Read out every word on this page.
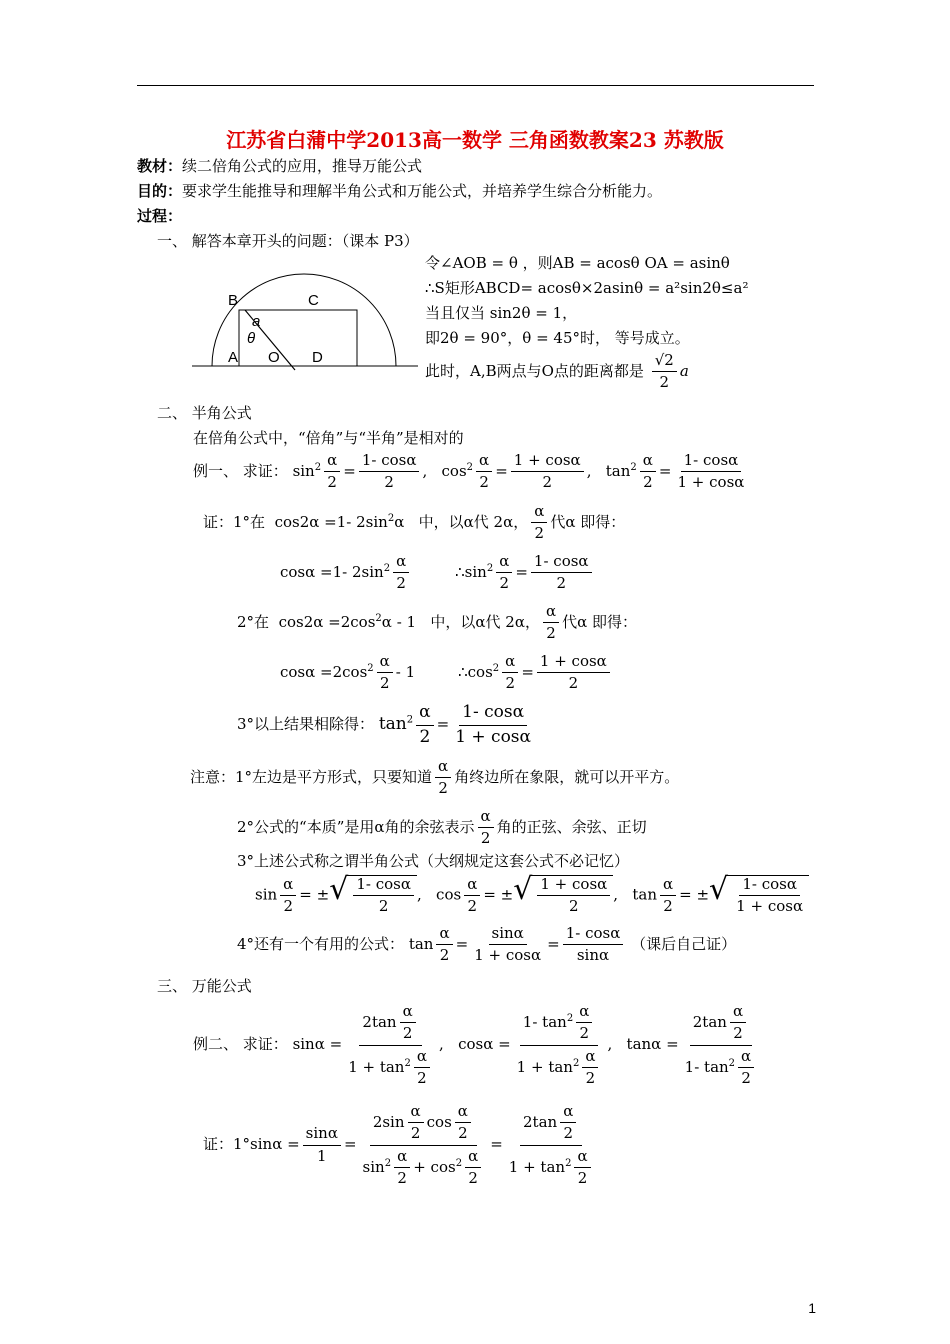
江苏省白蒲中学2013高一数学 三角函数教案23 苏教版
教材：续二倍角公式的应用，推导万能公式
目的：要求学生能推导和理解半角公式和万能公式，并培养学生综合分析能力。
过程：
一、 解答本章开头的问题：（课本 P3）
B	C
A O D
a
θ
令∠AOB = θ ，则AB = acosθ OA = asinθ
∴S矩形ABCD= acosθ×2asinθ = a²sin2θ≤a²
当且仅当 sin2θ = 1，
即2θ = 90°，θ = 45°时， 等号成立。
此时，A,B两点与O点的距离都是 $\frac{√2}{2}$ a
二、 半角公式
在倍角公式中，“倍角”与“半角”是相对的
例一、 求证： $\sin^2 \frac{\alpha}{2} = \frac{1- \cos\alpha}{2}$ ,   $\cos^2 \frac{\alpha}{2} = \frac{1 + \cos\alpha}{2}$ ,   $\tan^2 \frac{\alpha}{2} = \frac{1- \cos\alpha}{1 + \cos\alpha}$
证：1°在  cos2α =1- $2\sin^2\alpha$   中，以α代 2α， $\frac{\alpha}{2}$ 代α 即得：
cosα =1- $2\sin^2 \frac{\alpha}{2}$ $\therefore\sin^2 \frac{\alpha}{2} = \frac{1- \cos\alpha}{2}$
2°在  $\cos 2\alpha =2\cos^2\alpha - 1$   中，以α代 2α， $\frac{\alpha}{2}$ 代α 即得：
$\cos\alpha =2\cos^2 \frac{\alpha}{2} - 1$         $\therefore\cos^2 \frac{\alpha}{2} = \frac{1 + \cos\alpha}{2}$
3°以上结果相除得： $\tan^2 \frac{\alpha}{2} = \frac{1- \cos\alpha}{1 + \cos\alpha}$
注意：1°左边是平方形式，只要知道 $\frac{\alpha}{2}$ 角终边所在象限，就可以开平方。
2°公式的“本质”是用α角的余弦表示 $\frac{\alpha}{2}$ 角的正弦、余弦、正切
3°上述公式称之谓半角公式（大纲规定这套公式不必记忆）
$\sin \frac{\alpha}{2}$ = ± √ $\frac{1- \cos\alpha}{2}$ ,   $\cos \frac{\alpha}{2}$ = ± √ $\frac{1 + \cos\alpha}{2}$ ,   $\tan \frac{\alpha}{2}$ = ± √ $\frac{1- \cos\alpha}{1 + \cos\alpha}$
4°还有一个有用的公式： $\tan \frac{\alpha}{2} = \frac{\sin\alpha}{1 + \cos\alpha} = \frac{1- \cos\alpha}{\sin\alpha}$ （课后自己证）
三、 万能公式
例二、 求证： $\sin\alpha = \frac{2\tan \frac{\alpha}{2}}{1 + \tan^2 \frac{\alpha}{2}}$ ,   $\cos\alpha = \frac{1- \tan^2 \frac{\alpha}{2}}{1 + \tan^2 \frac{\alpha}{2}}$ ,   $\tan\alpha = \frac{2\tan \frac{\alpha}{2}}{1- \tan^2 \frac{\alpha}{2}}$
证：$1^\circ\sin\alpha = \frac{\sin\alpha}{1} = \frac{2\sin \frac{\alpha}{2} \cos \frac{\alpha}{2}}{\sin^2 \frac{\alpha}{2} + \cos^2 \frac{\alpha}{2}} = \frac{2\tan \frac{\alpha}{2}}{1 + \tan^2 \frac{\alpha}{2}}$
1
